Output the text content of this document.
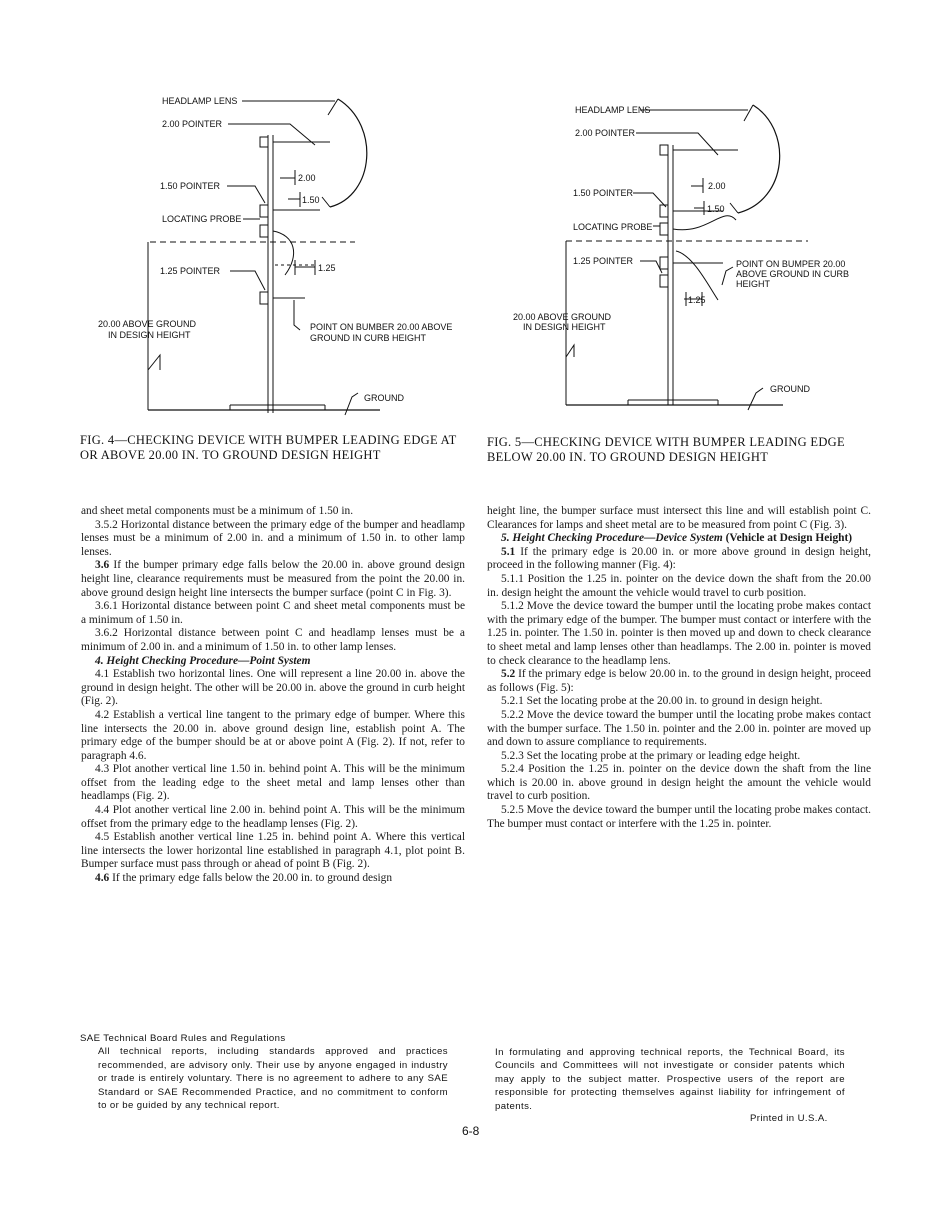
HEADLAMP LENS
2.00 POINTER
2.00
1.50 POINTER
1.50
LOCATING PROBE
1.25 POINTER	1.25
20.00 ABOVE GROUND
IN DESIGN HEIGHT
POINT ON BUMBER 20.00 ABOVE
GROUND IN CURB HEIGHT
GROUND
FIG. 4—CHECKING DEVICE WITH BUMPER LEADING EDGE AT
OR ABOVE 20.00 IN. TO GROUND DESIGN HEIGHT
HEADLAMP LENS
2.00 POINTER
2.00
1.50 POINTER
1.50
LOCATING PROBE
1.25 POINTER	POINT ON BUMPER 20.00
ABOVE GROUND IN CURB
HEIGHT
1.25
20.00 ABOVE GROUND
IN DESIGN HEIGHT
GROUND
FIG. 5—CHECKING DEVICE WITH BUMPER LEADING EDGE
BELOW 20.00 IN. TO GROUND DESIGN HEIGHT

and sheet metal components must be a minimum of 1.50 in.

3.5.2 Horizontal distance between the primary edge of the bumper and headlamp lenses must be a minimum of 2.00 in. and a minimum of 1.50 in. to other lamp lenses.

3.6 If the bumper primary edge falls below the 20.00 in. above ground design height line, clearance requirements must be measured from the point the 20.00 in. above ground design height line intersects the bumper surface (point C in Fig. 3).

3.6.1 Horizontal distance between point C and sheet metal components must be a minimum of 1.50 in.

3.6.2 Horizontal distance between point C and headlamp lenses must be a minimum of 2.00 in. and a minimum of 1.50 in. to other lamp lenses.

4. Height Checking Procedure—Point System

4.1 Establish two horizontal lines. One will represent a line 20.00 in. above the ground in design height. The other will be 20.00 in. above the ground in curb height (Fig. 2).

4.2 Establish a vertical line tangent to the primary edge of bumper. Where this line intersects the 20.00 in. above ground design line, establish point A. The primary edge of the bumper should be at or above point A (Fig. 2). If not, refer to paragraph 4.6.

4.3 Plot another vertical line 1.50 in. behind point A. This will be the minimum offset from the leading edge to the sheet metal and lamp lenses other than headlamps (Fig. 2).

4.4 Plot another vertical line 2.00 in. behind point A. This will be the minimum offset from the primary edge to the headlamp lenses (Fig. 2).

4.5 Establish another vertical line 1.25 in. behind point A. Where this vertical line intersects the lower horizontal line established in paragraph 4.1, plot point B. Bumper surface must pass through or ahead of point B (Fig. 2).

4.6 If the primary edge falls below the 20.00 in. to ground design

height line, the bumper surface must intersect this line and will establish point C. Clearances for lamps and sheet metal are to be measured from point C (Fig. 3).

5. Height Checking Procedure—Device System (Vehicle at Design Height)

5.1 If the primary edge is 20.00 in. or more above ground in design height, proceed in the following manner (Fig. 4):

5.1.1 Position the 1.25 in. pointer on the device down the shaft from the 20.00 in. design height the amount the vehicle would travel to curb position.

5.1.2 Move the device toward the bumper until the locating probe makes contact with the primary edge of the bumper. The bumper must contact or interfere with the 1.25 in. pointer. The 1.50 in. pointer is then moved up and down to check clearance to sheet metal and lamp lenses other than headlamps. The 2.00 in. pointer is moved to check clearance to the headlamp lens.

5.2 If the primary edge is below 20.00 in. to the ground in design height, proceed as follows (Fig. 5):

5.2.1 Set the locating probe at the 20.00 in. to ground in design height.

5.2.2 Move the device toward the bumper until the locating probe makes contact with the bumper surface. The 1.50 in. pointer and the 2.00 in. pointer are moved up and down to assure compliance to requirements.

5.2.3 Set the locating probe at the primary or leading edge height.

5.2.4 Position the 1.25 in. pointer on the device down the shaft from the line which is 20.00 in. above ground in design height the amount the vehicle would travel to curb position.

5.2.5 Move the device toward the bumper until the locating probe makes contact. The bumper must contact or interfere with the 1.25 in. pointer.

SAE Technical Board Rules and Regulations
All technical reports, including standards approved and practices recommended, are advisory only. Their use by anyone engaged in industry or trade is entirely voluntary. There is no agreement to adhere to any SAE Standard or SAE Recommended Practice, and no commitment to conform to or be guided by any technical report.
In formulating and approving technical reports, the Technical Board, its Councils and Committees will not investigate or consider patents which may apply to the subject matter. Prospective users of the report are responsible for protecting themselves against liability for infringement of patents.
Printed in U.S.A.
6-8
